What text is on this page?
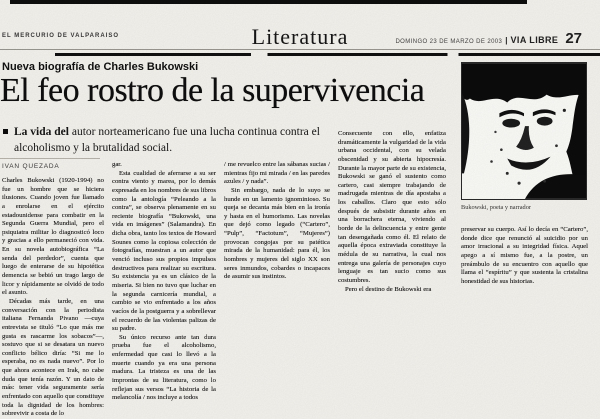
EL MERCURIO DE VALPARAISO	Literatura	DOMINGO 23 DE MARZO DE 2003 | VIA LIBRE 27
Nueva biografía de Charles Bukowski
El feo rostro de la supervivencia
La vida del autor norteamericano fue una lucha continua contra el alcoholismo y la brutalidad social.
IVAN QUEZADA
Bukowski, poeta y narrador

Charles Bukowski (1920-1994) no fue un hombre que se hiciera ilusiones. Cuando joven fue llamado a enrolarse en el ejército estadounidense para combatir en la Segunda Guerra Mundial, pero el psiquiatra militar lo diagnosticó loco y gracias a ello permaneció con vida. En su novela autobiográfica “La senda del perdedor”, cuenta que luego de enterarse de su hipotética demencia se bebió un trago largo de licor y rápidamente se olvidó de todo el asunto.

Décadas más tarde, en una conversación con la periodista italiana Fernanda Pivano —cuya entrevista se tituló “Lo que más me gusta es rascarme los sobacos”—, sostuvo que si se desatara un nuevo conflicto bélico diría: “Si me lo esperaba, no es nada nuevo”. Por lo que ahora acontece en Irak, no cabe duda que tenía razón. Y un dato de más: tener vida seguramente sería enfrentado con aquello que constituye toda la dignidad de los hombres: sobrevivir a costa de lo

gar.

Esta cualidad de aferrarse a su ser contra viento y marea, por lo demás expresada en los nombres de sus libros como la antología “Peleando a la contra”, se observa plenamente en su reciente biografía “Bukowski, una vida en imágenes” (Salamandra). En dicha obra, tanto los textos de Howard Sounes como la copiosa colección de fotografías, muestran a un autor que venció incluso sus propios impulsos destructivos para realizar su escritura. Su existencia ya es un clásico de la miseria. Si bien no tuvo que luchar en la segunda carnicería mundial, a cambio se vio enfrentado a los años vacíos de la postguerra y a sobrellevar el recuerdo de las violentas palizas de su padre.

Su único recurso ante tan dura prueba fue el alcoholismo, enfermedad que casi lo llevó a la muerte cuando ya era una persona madura. La tristeza es una de las improntas de su literatura, como lo reflejan sus versos “La historia de la melancolía / nos incluye a todos

/ me revuelco entre las sábanas sucias / mientras fijo mi mirada / en las paredes azules / y nada”.

Sin embargo, nada de lo suyo se hunde en un lamento ignominioso. Su queja se decanta más bien en la ironía y hasta en el humorismo. Las novelas que dejó como legado (“Cartero”, “Pulp”, “Factotum”, “Mujeres”) provocan congojas por su patética mirada de la humanidad: para él, los hombres y mujeres del siglo XX son seres inmundos, cobardes o incapaces de asumir sus instintos.

Consecuente con ello, enfatiza dramáticamente la vulgaridad de la vida urbana occidental, con su velada obscenidad y su abierta hipocresía. Durante la mayor parte de su existencia, Bukowski se ganó el sustento como cartero, casi siempre trabajando de madrugada mientras de día apostaba a los caballos. Claro que esto sólo después de subsistir durante años en una borrachera eterna, viviendo al borde de la delincuencia y entre gente tan desengañada como él. El relato de aquella época extraviada constituye la médula de su narrativa, la cual nos entrega una galería de personajes cuyo lenguaje es tan sucio como sus costumbres.

Pero el destino de Bukowski era

preservar su cuerpo. Así lo decía en “Cartero”, donde dice que renunció al suicidio por un amor irracional a su integridad física. Aquel apego a sí mismo fue, a la postre, un preámbulo de su encuentro con aquello que llama el “espíritu” y que sustenta la cristalina honestidad de sus historias.
